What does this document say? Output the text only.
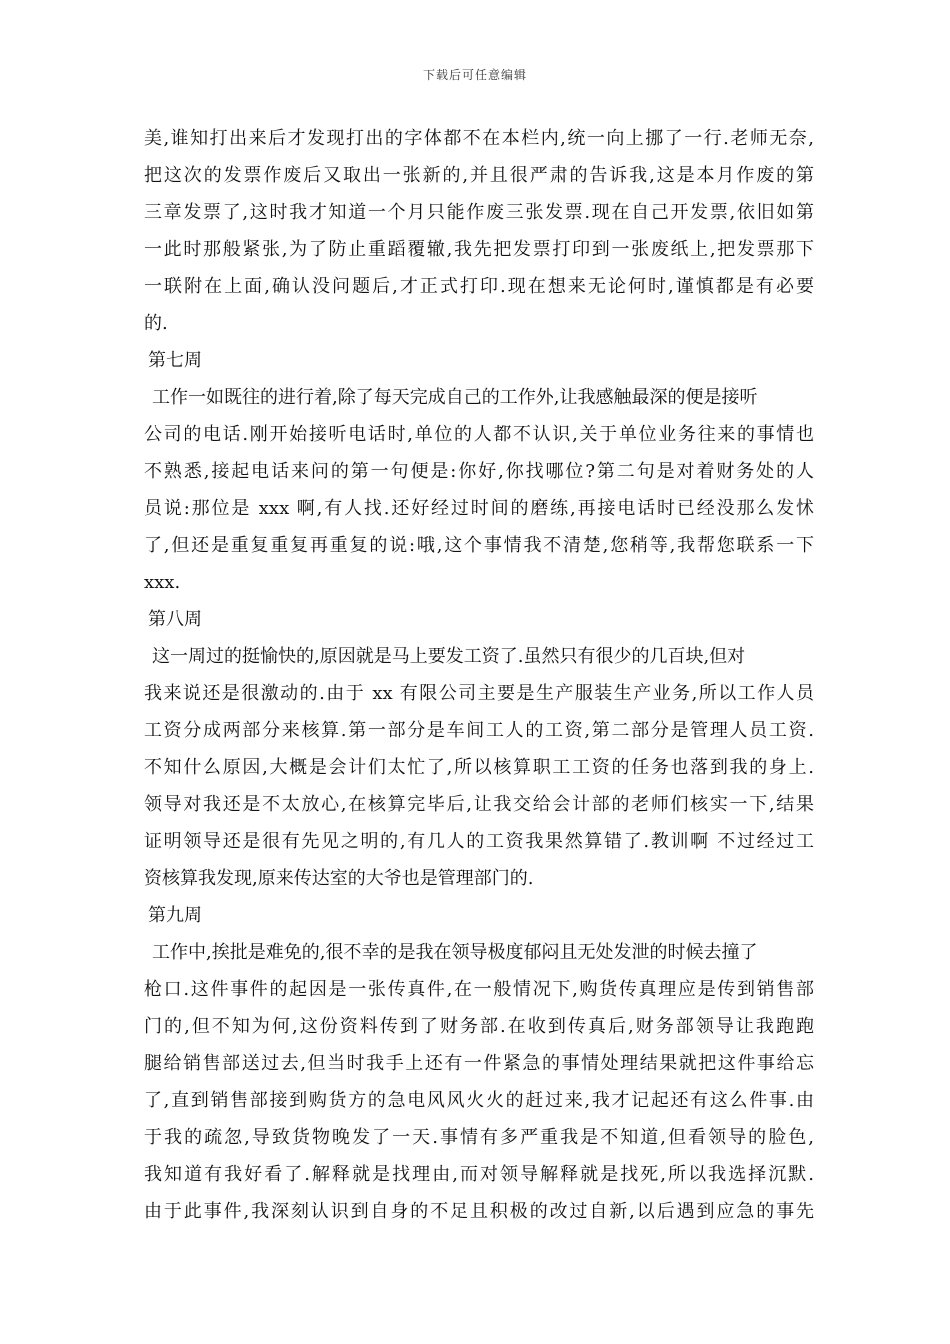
下载后可任意编辑
美,谁知打出来后才发现打出的字体都不在本栏内,统一向上挪了一行.老师无奈,
把这次的发票作废后又取出一张新的,并且很严肃的告诉我,这是本月作废的第
三章发票了,这时我才知道一个月只能作废三张发票.现在自己开发票,依旧如第
一此时那般紧张,为了防止重蹈覆辙,我先把发票打印到一张废纸上,把发票那下
一联附在上面,确认没问题后,才正式打印.现在想来无论何时,谨慎都是有必要
的.
第七周
工作一如既往的进行着,除了每天完成自己的工作外,让我感触最深的便是接听
公司的电话.刚开始接听电话时,单位的人都不认识,关于单位业务往来的事情也
不熟悉,接起电话来问的第一句便是:你好,你找哪位?第二句是对着财务处的人
员说:那位是 xxx 啊,有人找.还好经过时间的磨练,再接电话时已经没那么发怵
了,但还是重复重复再重复的说:哦,这个事情我不清楚,您稍等,我帮您联系一下
xxx.
第八周
这一周过的挺愉快的,原因就是马上要发工资了.虽然只有很少的几百块,但对
我来说还是很激动的.由于 xx 有限公司主要是生产服装生产业务,所以工作人员
工资分成两部分来核算.第一部分是车间工人的工资,第二部分是管理人员工资.
不知什么原因,大概是会计们太忙了,所以核算职工工资的任务也落到我的身上.
领导对我还是不太放心,在核算完毕后,让我交给会计部的老师们核实一下,结果
证明领导还是很有先见之明的,有几人的工资我果然算错了.教训啊 不过经过工
资核算我发现,原来传达室的大爷也是管理部门的.
第九周
工作中,挨批是难免的,很不幸的是我在领导极度郁闷且无处发泄的时候去撞了
枪口.这件事件的起因是一张传真件,在一般情况下,购货传真理应是传到销售部
门的,但不知为何,这份资料传到了财务部.在收到传真后,财务部领导让我跑跑
腿给销售部送过去,但当时我手上还有一件紧急的事情处理结果就把这件事给忘
了,直到销售部接到购货方的急电风风火火的赶过来,我才记起还有这么件事.由
于我的疏忽,导致货物晚发了一天.事情有多严重我是不知道,但看领导的脸色,
我知道有我好看了.解释就是找理由,而对领导解释就是找死,所以我选择沉默.
由于此事件,我深刻认识到自身的不足且积极的改过自新,以后遇到应急的事先
